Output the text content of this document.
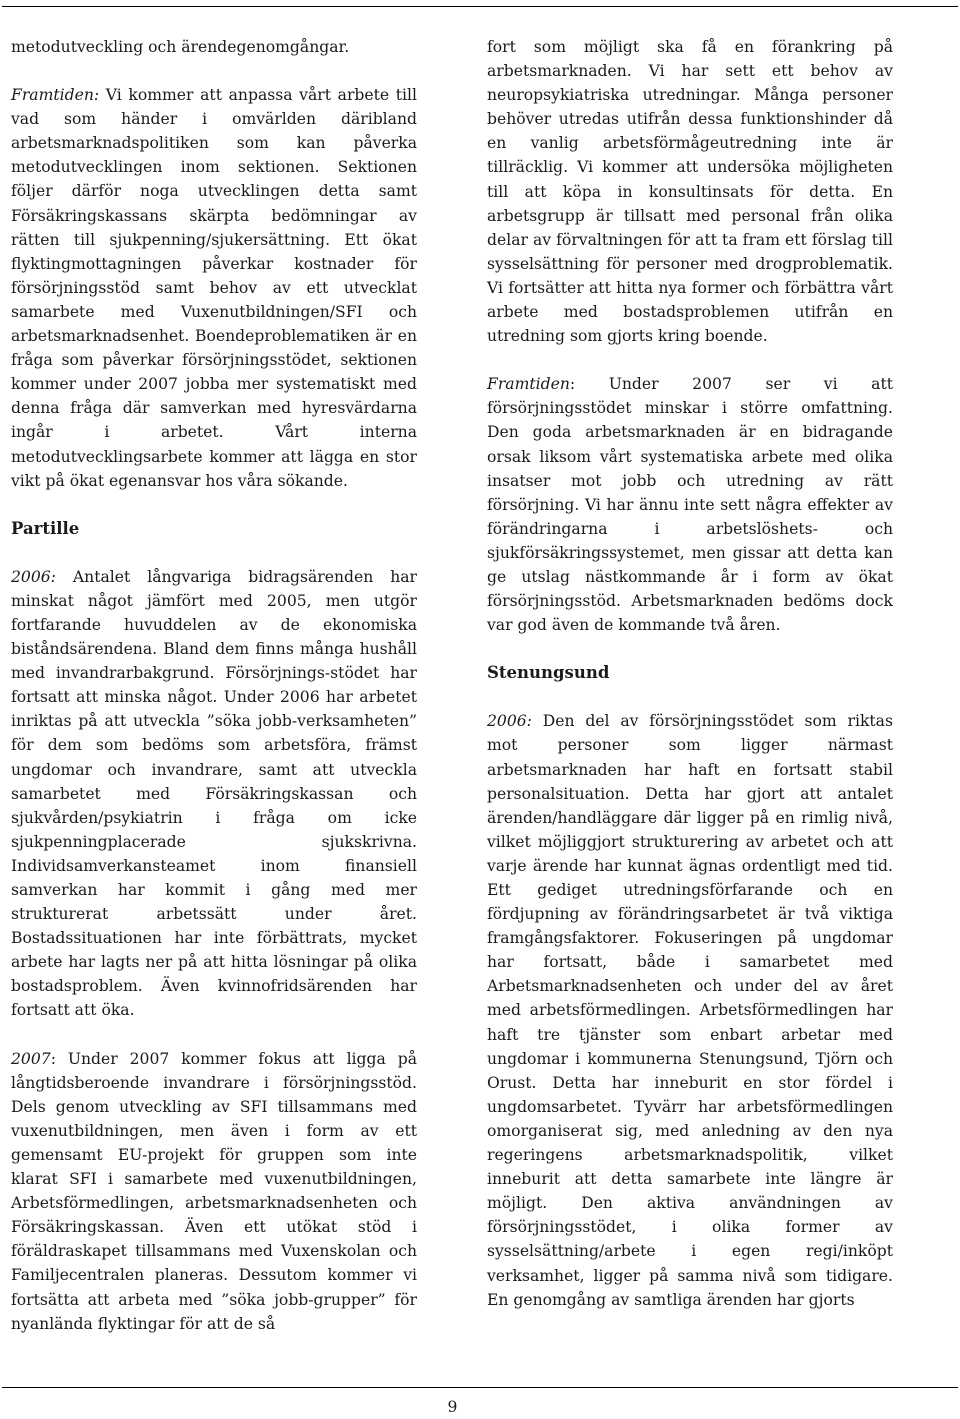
metodutveckling och ärendegenomgångar.

Framtiden: Vi kommer att anpassa vårt arbete till vad som händer i omvärlden däribland arbetsmarknadspolitiken som kan påverka metodutvecklingen inom sektionen. Sektionen följer därför noga utvecklingen detta samt Försäkringskassans skärpta bedömningar av rätten till sjukpenning/sjukersättning. Ett ökat flyktingmottagningen påverkar kostnader för försörjningsstöd samt behov av ett utvecklat samarbete med Vuxenutbildningen/SFI och arbetsmarknadsenhet. Boendeproblematiken är en fråga som påverkar försörjningsstödet, sektionen kommer under 2007 jobba mer systematiskt med denna fråga där samverkan med hyresvärdarna ingår i arbetet. Vårt interna metodutvecklingsarbete kommer att lägga en stor vikt på ökat egenansvar hos våra sökande.

Partille

2006: Antalet långvariga bidragsärenden har minskat något jämfört med 2005, men utgör fortfarande huvuddelen av de ekonomiska biståndsärendena. Bland dem finns många hushåll med invandrarbakgrund. Försörjnings-stödet har fortsatt att minska något. Under 2006 har arbetet inriktas på att utveckla ”söka jobb-verksamheten” för dem som bedöms som arbetsföra, främst ungdomar och invandrare, samt att utveckla samarbetet med Försäkringskassan och sjukvården/psykiatrin i fråga om icke sjukpenningplacerade sjukskrivna. Individsamverkansteamet inom finansiell samverkan har kommit i gång med mer strukturerat arbetssätt under året. Bostadssituationen har inte förbättrats, mycket arbete har lagts ner på att hitta lösningar på olika bostadsproblem. Även kvinnofridsärenden har fortsatt att öka.

2007: Under 2007 kommer fokus att ligga på långtidsberoende invandrare i försörjningsstöd. Dels genom utveckling av SFI tillsammans med vuxenutbildningen, men även i form av ett gemensamt EU-projekt för gruppen som inte klarat SFI i samarbete med vuxenutbildningen, Arbetsförmedlingen, arbetsmarknadsenheten och Försäkringskassan. Även ett utökat stöd i föräldraskapet tillsammans med Vuxenskolan och Familjecentralen planeras. Dessutom kommer vi fortsätta att arbeta med ”söka jobb-grupper” för nyanlända flyktingar för att de så

fort som möjligt ska få en förankring på arbetsmarknaden. Vi har sett ett behov av neuropsykiatriska utredningar. Många personer behöver utredas utifrån dessa funktionshinder då en vanlig arbetsförmågeutredning inte är tillräcklig. Vi kommer att undersöka möjligheten till att köpa in konsultinsats för detta. En arbetsgrupp är tillsatt med personal från olika delar av förvaltningen för att ta fram ett förslag till sysselsättning för personer med drogproblematik. Vi fortsätter att hitta nya former och förbättra vårt arbete med bostadsproblemen utifrån en utredning som gjorts kring boende.

Framtiden: Under 2007 ser vi att försörjningsstödet minskar i större omfattning. Den goda arbetsmarknaden är en bidragande orsak liksom vårt systematiska arbete med olika insatser mot jobb och utredning av rätt försörjning. Vi har ännu inte sett några effekter av förändringarna i arbetslöshets- och sjukförsäkringssystemet, men gissar att detta kan ge utslag nästkommande år i form av ökat försörjningsstöd. Arbetsmarknaden bedöms dock var god även de kommande två åren.

Stenungsund

2006: Den del av försörjningsstödet som riktas mot personer som ligger närmast arbetsmarknaden har haft en fortsatt stabil personalsituation. Detta har gjort att antalet ärenden/handläggare där ligger på en rimlig nivå, vilket möjliggjort strukturering av arbetet och att varje ärende har kunnat ägnas ordentligt med tid. Ett gediget utredningsförfarande och en fördjupning av förändringsarbetet är två viktiga framgångsfaktorer. Fokuseringen på ungdomar har fortsatt, både i samarbetet med Arbetsmarknadsenheten och under del av året med arbetsförmedlingen. Arbetsförmedlingen har haft tre tjänster som enbart arbetar med ungdomar i kommunerna Stenungsund, Tjörn och Orust. Detta har inneburit en stor fördel i ungdomsarbetet. Tyvärr har arbetsförmedlingen omorganiserat sig, med anledning av den nya regeringens arbetsmarknadspolitik, vilket inneburit att detta samarbete inte längre är möjligt. Den aktiva användningen av försörjningsstödet, i olika former av sysselsättning/arbete i egen regi/inköpt verksamhet, ligger på samma nivå som tidigare. En genomgång av samtliga ärenden har gjorts

9
